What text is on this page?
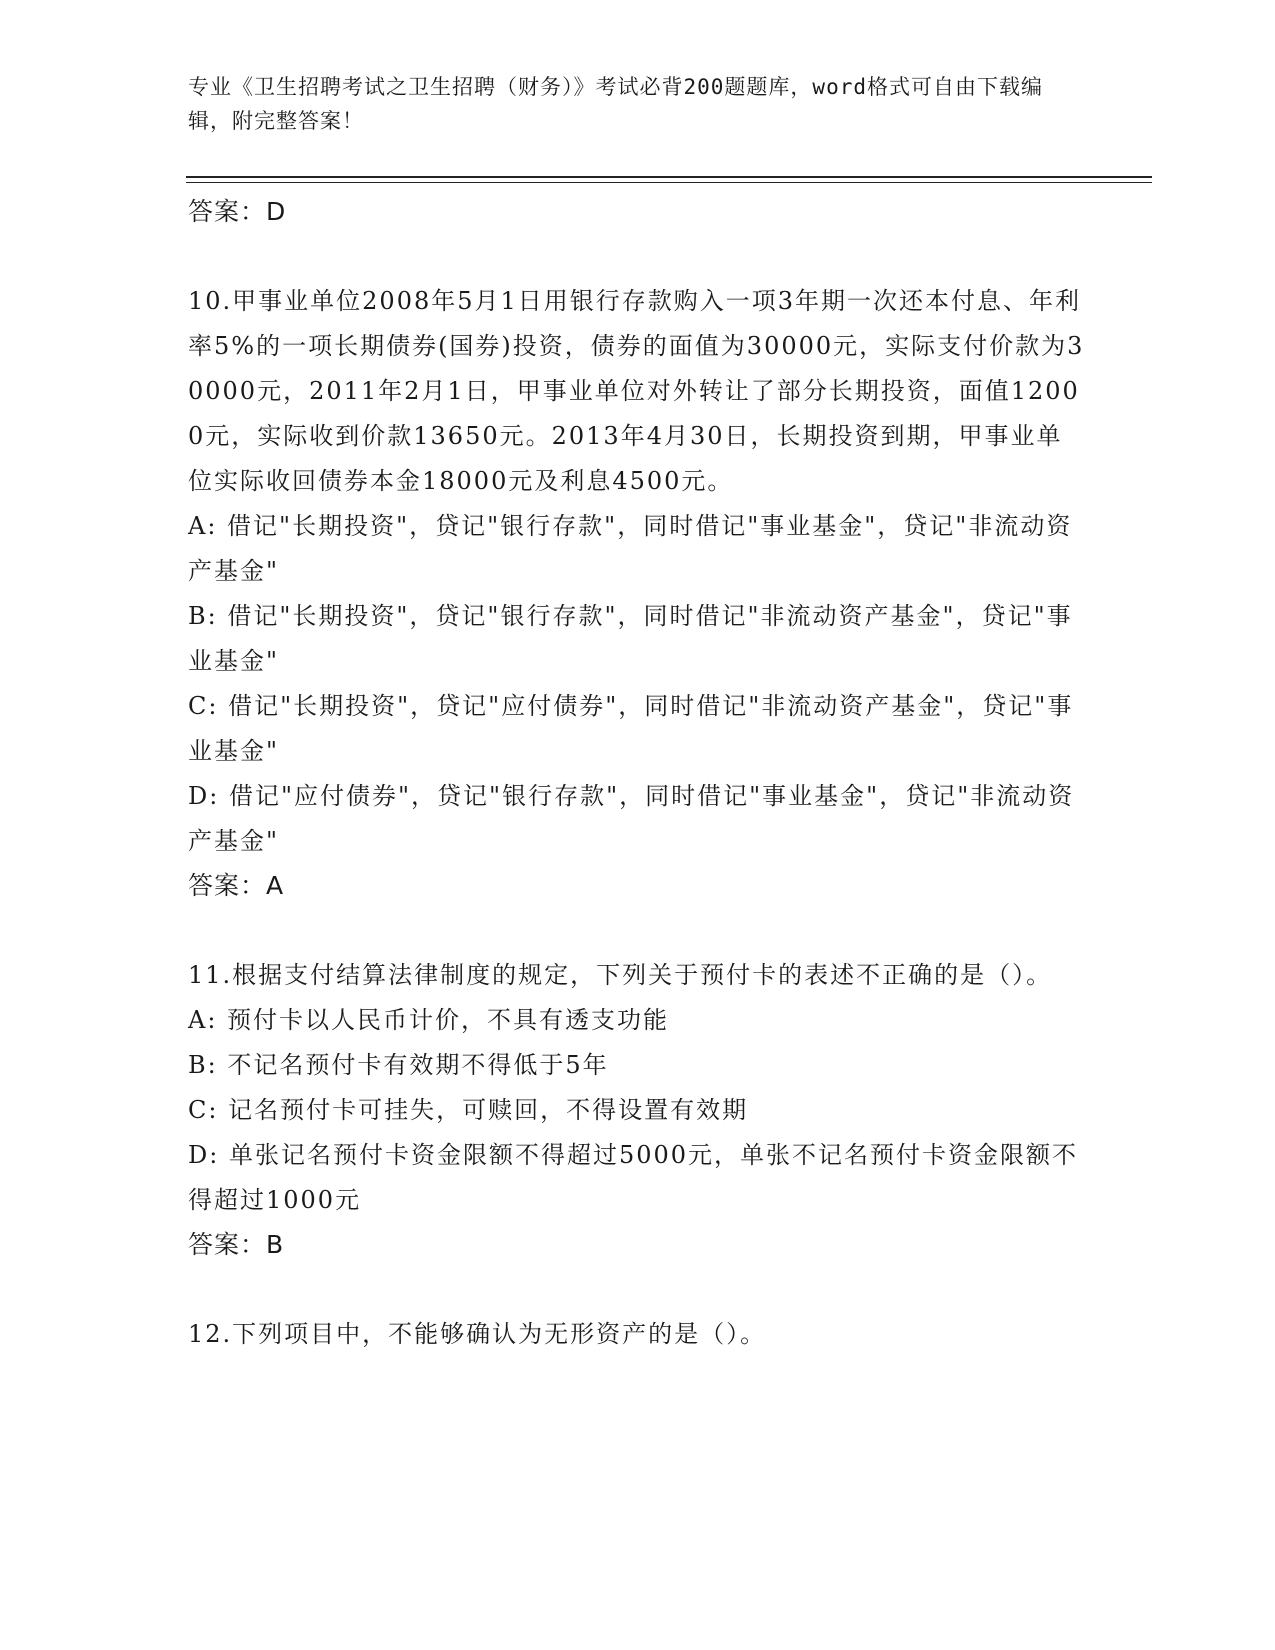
专业《卫生招聘考试之卫生招聘（财务）》考试必背200题题库，word格式可自由下载编辑，附完整答案！
答案：D
10.甲事业单位2008年5月1日用银行存款购入一项3年期一次还本付息、年利率5%的一项长期债券(国券)投资，债券的面值为30000元，实际支付价款为30000元，2011年2月1日，甲事业单位对外转让了部分长期投资，面值12000元，实际收到价款13650元。2013年4月30日，长期投资到期，甲事业单位实际收回债券本金18000元及利息4500元。
A: 借记"长期投资"，贷记"银行存款"，同时借记"事业基金"，贷记"非流动资产基金"
B: 借记"长期投资"，贷记"银行存款"，同时借记"非流动资产基金"，贷记"事业基金"
C: 借记"长期投资"，贷记"应付债券"，同时借记"非流动资产基金"，贷记"事业基金"
D: 借记"应付债券"，贷记"银行存款"，同时借记"事业基金"，贷记"非流动资产基金"
答案：A
11.根据支付结算法律制度的规定，下列关于预付卡的表述不正确的是（）。
A: 预付卡以人民币计价，不具有透支功能
B: 不记名预付卡有效期不得低于5年
C: 记名预付卡可挂失，可赎回，不得设置有效期
D: 单张记名预付卡资金限额不得超过5000元，单张不记名预付卡资金限额不得超过1000元
答案：B
12.下列项目中，不能够确认为无形资产的是（）。
